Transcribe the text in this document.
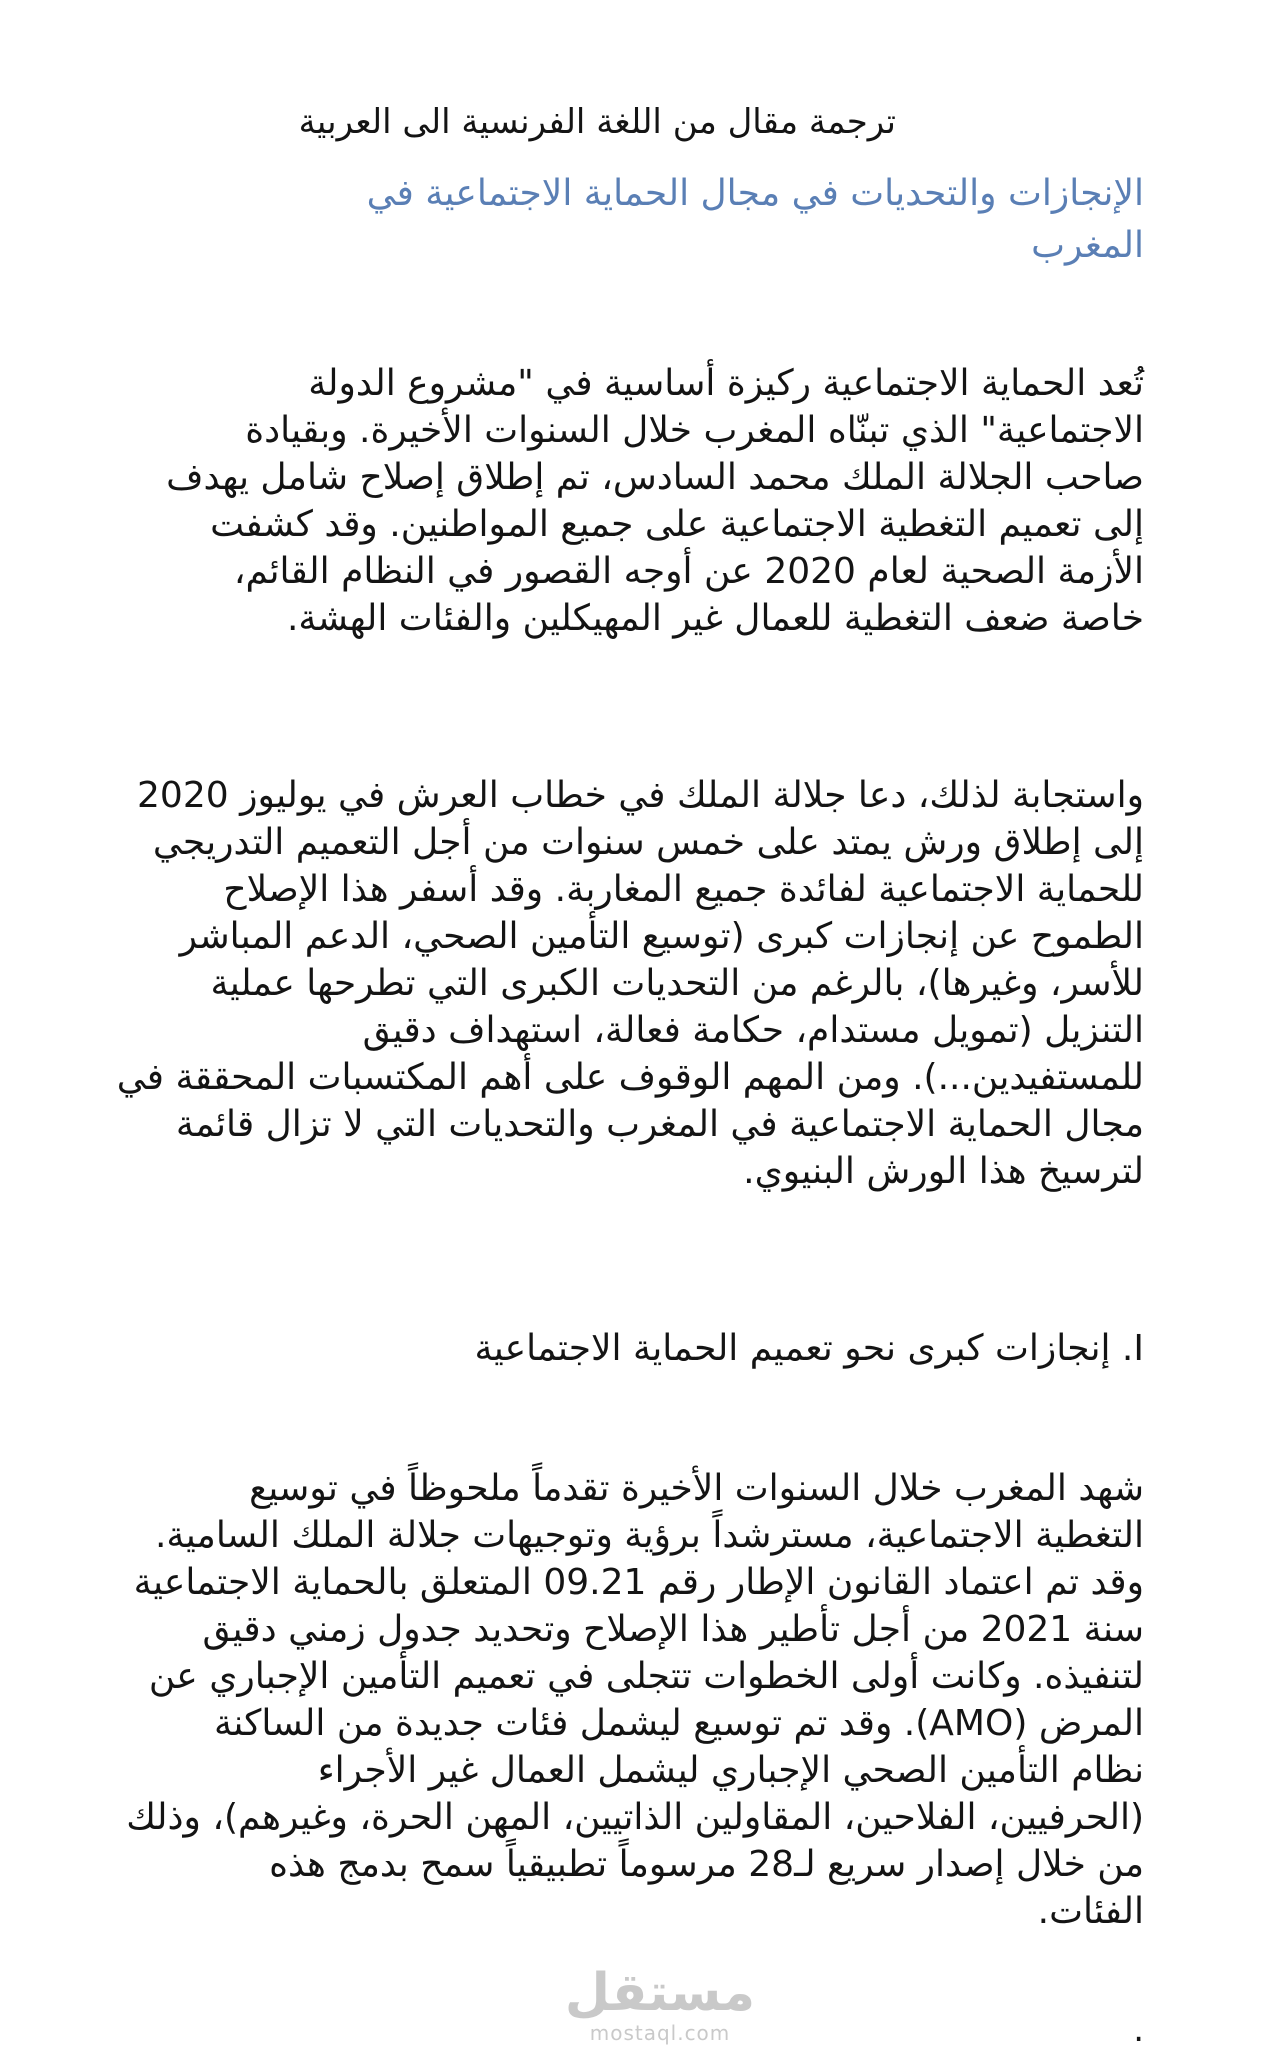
ترجمة مقال من اللغة الفرنسية الى العربية
الإنجازات والتحديات في مجال الحماية الاجتماعية في
المغرب
تُعد الحماية الاجتماعية ركيزة أساسية في "مشروع الدولة
الاجتماعية" الذي تبنّاه المغرب خلال السنوات الأخيرة. وبقيادة
صاحب الجلالة الملك محمد السادس، تم إطلاق إصلاح شامل يهدف
إلى تعميم التغطية الاجتماعية على جميع المواطنين. وقد كشفت
الأزمة الصحية لعام 2020 عن أوجه القصور في النظام القائم،
خاصة ضعف التغطية للعمال غير المهيكلين والفئات الهشة.
واستجابة لذلك، دعا جلالة الملك في خطاب العرش في يوليوز 2020
إلى إطلاق ورش يمتد على خمس سنوات من أجل التعميم التدريجي
للحماية الاجتماعية لفائدة جميع المغاربة. وقد أسفر هذا الإصلاح
الطموح عن إنجازات كبرى (توسيع التأمين الصحي، الدعم المباشر
للأسر، وغيرها)، بالرغم من التحديات الكبرى التي تطرحها عملية
التنزيل (تمويل مستدام، حكامة فعالة، استهداف دقيق
للمستفيدين...). ومن المهم الوقوف على أهم المكتسبات المحققة في
مجال الحماية الاجتماعية في المغرب والتحديات التي لا تزال قائمة
لترسيخ هذا الورش البنيوي.
I. إنجازات كبرى نحو تعميم الحماية الاجتماعية
شهد المغرب خلال السنوات الأخيرة تقدماً ملحوظاً في توسيع
التغطية الاجتماعية، مسترشداً برؤية وتوجيهات جلالة الملك السامية.
وقد تم اعتماد القانون الإطار رقم 09.21 المتعلق بالحماية الاجتماعية
سنة 2021 من أجل تأطير هذا الإصلاح وتحديد جدول زمني دقيق
لتنفيذه. وكانت أولى الخطوات تتجلى في تعميم التأمين الإجباري عن
المرض (AMO). وقد تم توسيع ليشمل فئات جديدة من الساكنة
نظام التأمين الصحي الإجباري ليشمل العمال غير الأجراء
(الحرفيين، الفلاحين، المقاولين الذاتيين، المهن الحرة، وغيرهم)، وذلك
من خلال إصدار سريع لـ28 مرسوماً تطبيقياً سمح بدمج هذه
الفئات.
مستقل
mostaql.com	.
